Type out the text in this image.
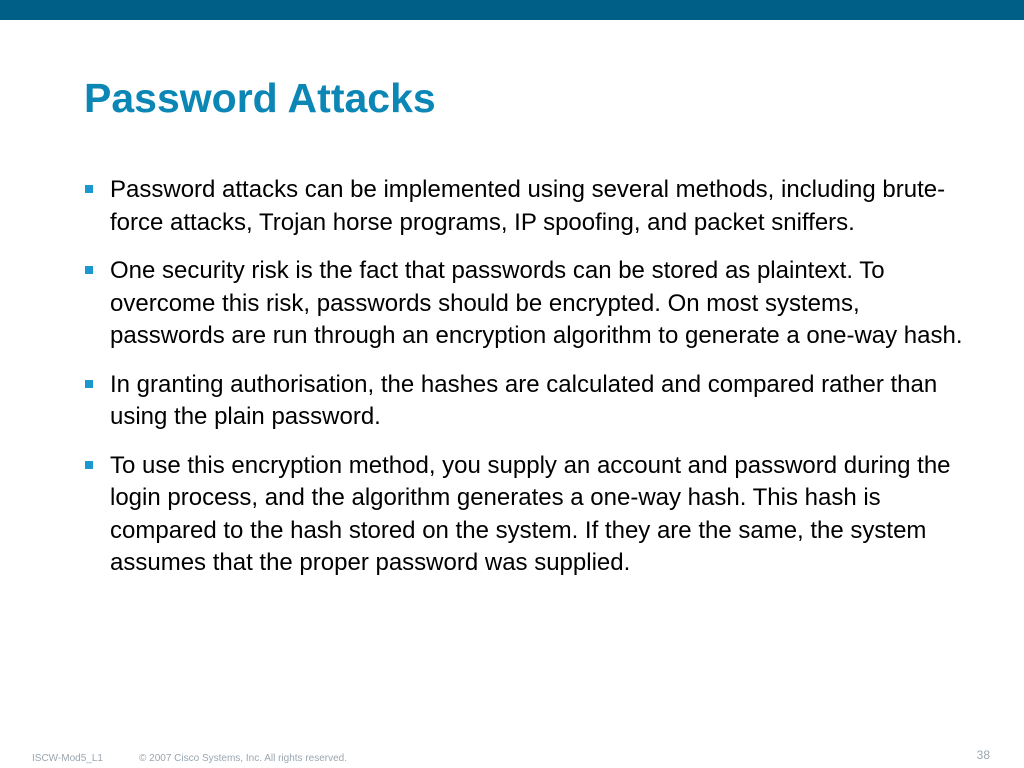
Password Attacks
Password attacks can be implemented using several methods, including brute-force attacks, Trojan horse programs, IP spoofing, and packet sniffers.
One security risk is the fact that passwords can be stored as plaintext. To overcome this risk, passwords should be encrypted. On most systems, passwords are run through an encryption algorithm to generate a one-way hash.
In granting authorisation, the hashes are calculated and compared rather than using the plain password.
To use this encryption method, you supply an account and password during the login process, and the algorithm generates a one-way hash. This hash is compared to the hash stored on the system. If they are the same, the system assumes that the proper password was supplied.
ISCW-Mod5_L1	© 2007 Cisco Systems, Inc. All rights reserved.	38
